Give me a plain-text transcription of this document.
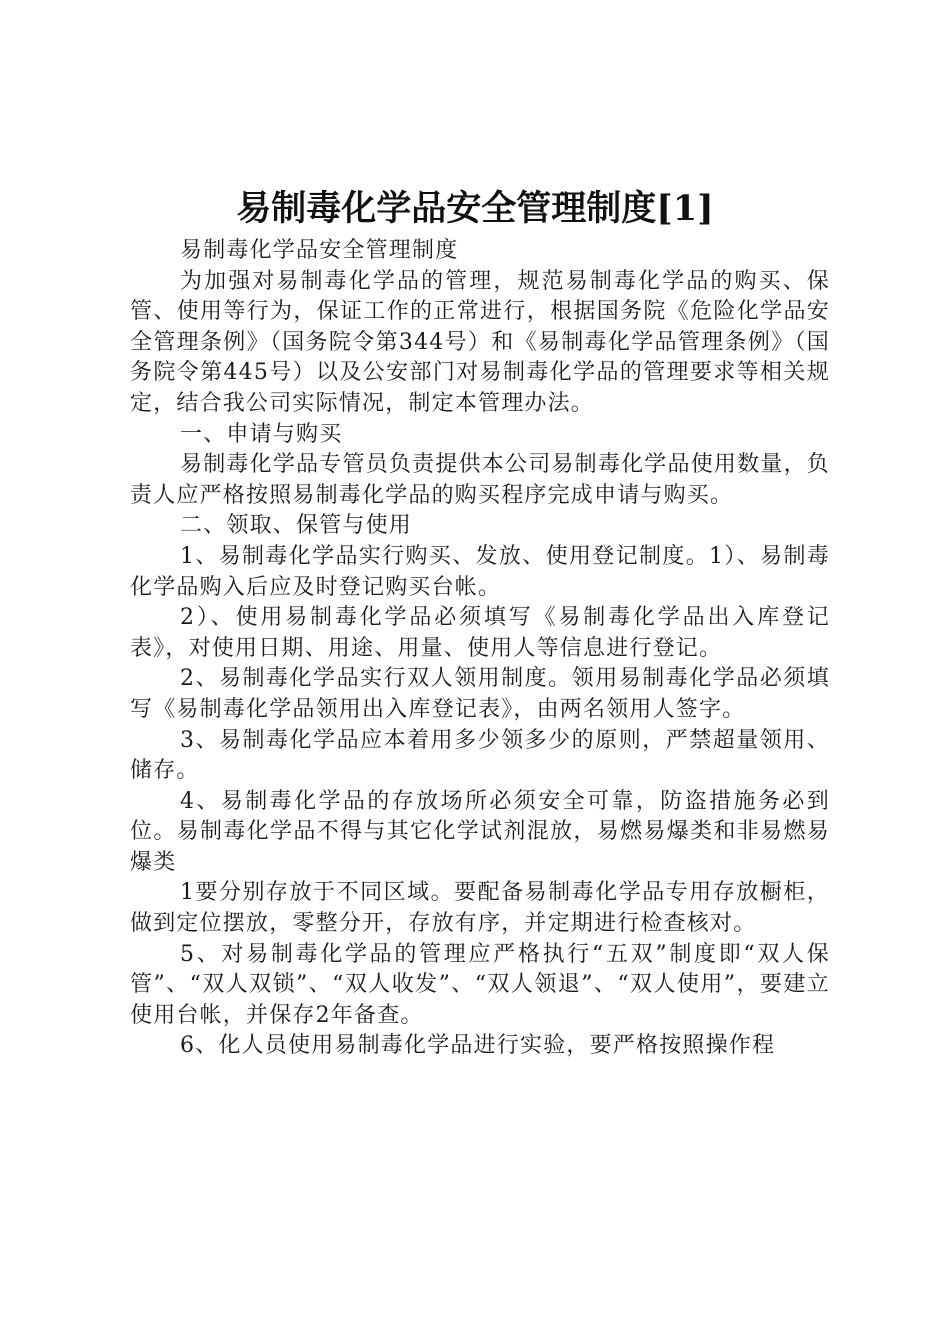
易制毒化学品安全管理制度[1]

易制毒化学品安全管理制度

为加强对易制毒化学品的管理，规范易制毒化学品的购买、保管、使用等行为，保证工作的正常进行，根据国务院《危险化学品安全管理条例》（国务院令第344号）和《易制毒化学品管理条例》（国务院令第445号）以及公安部门对易制毒化学品的管理要求等相关规定，结合我公司实际情况，制定本管理办法。

一、申请与购买

易制毒化学品专管员负责提供本公司易制毒化学品使用数量，负责人应严格按照易制毒化学品的购买程序完成申请与购买。

二、领取、保管与使用

1、易制毒化学品实行购买、发放、使用登记制度。1）、易制毒化学品购入后应及时登记购买台帐。

2）、使用易制毒化学品必须填写《易制毒化学品出入库登记表》，对使用日期、用途、用量、使用人等信息进行登记。

2、易制毒化学品实行双人领用制度。领用易制毒化学品必须填写《易制毒化学品领用出入库登记表》，由两名领用人签字。

3、易制毒化学品应本着用多少领多少的原则，严禁超量领用、储存。

4、易制毒化学品的存放场所必须安全可靠，防盗措施务必到位。易制毒化学品不得与其它化学试剂混放，易燃易爆类和非易燃易爆类

1要分别存放于不同区域。要配备易制毒化学品专用存放橱柜，做到定位摆放，零整分开，存放有序，并定期进行检查核对。

5、对易制毒化学品的管理应严格执行“五双”制度即“双人保管”、“双人双锁”、“双人收发”、“双人领退”、“双人使用”，要建立使用台帐，并保存2年备查。

6、化人员使用易制毒化学品进行实验，要严格按照操作程
